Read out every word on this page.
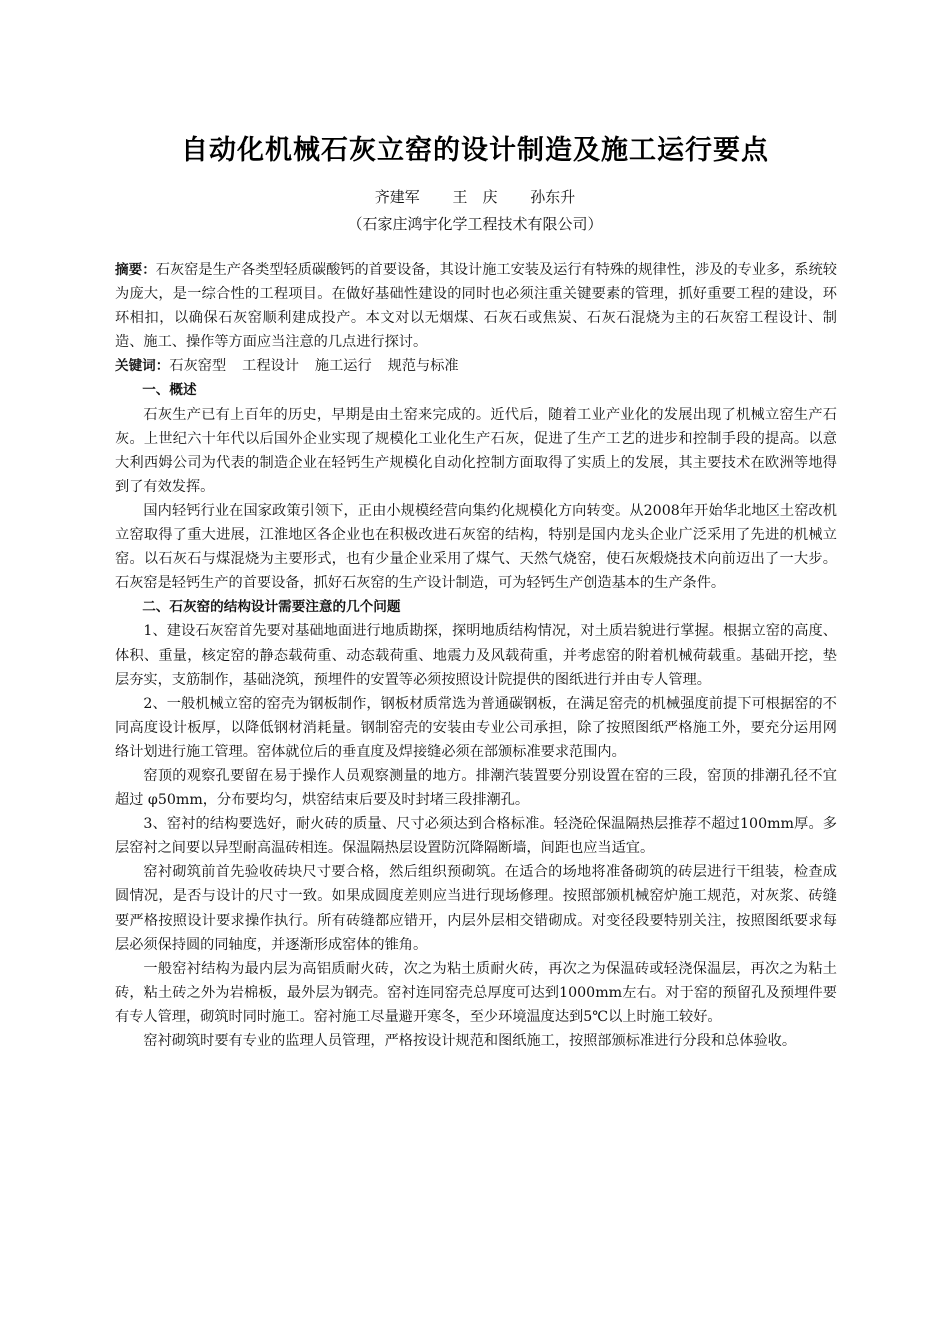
自动化机械石灰立窑的设计制造及施工运行要点
齐建军 王　庆 孙东升
（石家庄鸿宇化学工程技术有限公司）

摘要：石灰窑是生产各类型轻质碳酸钙的首要设备，其设计施工安装及运行有特殊的规律性，涉及的专业多，系统较为庞大，是一综合性的工程项目。在做好基础性建设的同时也必须注重关键要素的管理，抓好重要工程的建设，环环相扣，以确保石灰窑顺利建成投产。本文对以无烟煤、石灰石或焦炭、石灰石混烧为主的石灰窑工程设计、制造、施工、操作等方面应当注意的几点进行探讨。

关键词：石灰窑型 工程设计 施工运行 规范与标准

一、概述

石灰生产已有上百年的历史，早期是由土窑来完成的。近代后，随着工业产业化的发展出现了机械立窑生产石灰。上世纪六十年代以后国外企业实现了规模化工业化生产石灰，促进了生产工艺的进步和控制手段的提高。以意大利西姆公司为代表的制造企业在轻钙生产规模化自动化控制方面取得了实质上的发展，其主要技术在欧洲等地得到了有效发挥。

国内轻钙行业在国家政策引领下，正由小规模经营向集约化规模化方向转变。从2008年开始华北地区土窑改机立窑取得了重大进展，江淮地区各企业也在积极改进石灰窑的结构，特别是国内龙头企业广泛采用了先进的机械立窑。以石灰石与煤混烧为主要形式，也有少量企业采用了煤气、天然气烧窑，使石灰煅烧技术向前迈出了一大步。石灰窑是轻钙生产的首要设备，抓好石灰窑的生产设计制造，可为轻钙生产创造基本的生产条件。

二、石灰窑的结构设计需要注意的几个问题

1、建设石灰窑首先要对基础地面进行地质勘探，探明地质结构情况，对土质岩貌进行掌握。根据立窑的高度、体积、重量，核定窑的静态载荷重、动态载荷重、地震力及风载荷重，并考虑窑的附着机械荷载重。基础开挖，垫层夯实，支筋制作，基础浇筑，预埋件的安置等必须按照设计院提供的图纸进行并由专人管理。

2、一般机械立窑的窑壳为钢板制作，钢板材质常选为普通碳钢板，在满足窑壳的机械强度前提下可根据窑的不同高度设计板厚，以降低钢材消耗量。钢制窑壳的安装由专业公司承担，除了按照图纸严格施工外，要充分运用网络计划进行施工管理。窑体就位后的垂直度及焊接缝必须在部颁标准要求范围内。

窑顶的观察孔要留在易于操作人员观察测量的地方。排潮汽装置要分别设置在窑的三段，窑顶的排潮孔径不宜超过 φ50mm，分布要均匀，烘窑结束后要及时封堵三段排潮孔。

3、窑衬的结构要选好，耐火砖的质量、尺寸必须达到合格标准。轻浇砼保温隔热层推荐不超过100mm厚。多层窑衬之间要以异型耐高温砖相连。保温隔热层设置防沉降隔断墙，间距也应当适宜。

窑衬砌筑前首先验收砖块尺寸要合格，然后组织预砌筑。在适合的场地将准备砌筑的砖层进行干组装，检查成圆情况，是否与设计的尺寸一致。如果成圆度差则应当进行现场修理。按照部颁机械窑炉施工规范，对灰浆、砖缝要严格按照设计要求操作执行。所有砖缝都应错开，内层外层相交错砌成。对变径段要特别关注，按照图纸要求每层必须保持圆的同轴度，并逐渐形成窑体的锥角。

一般窑衬结构为最内层为高铝质耐火砖，次之为粘土质耐火砖，再次之为保温砖或轻浇保温层，再次之为粘土砖，粘土砖之外为岩棉板，最外层为钢壳。窑衬连同窑壳总厚度可达到1000mm左右。对于窑的预留孔及预埋件要有专人管理，砌筑时同时施工。窑衬施工尽量避开寒冬，至少环境温度达到5℃以上时施工较好。

窑衬砌筑时要有专业的监理人员管理，严格按设计规范和图纸施工，按照部颁标准进行分段和总体验收。
